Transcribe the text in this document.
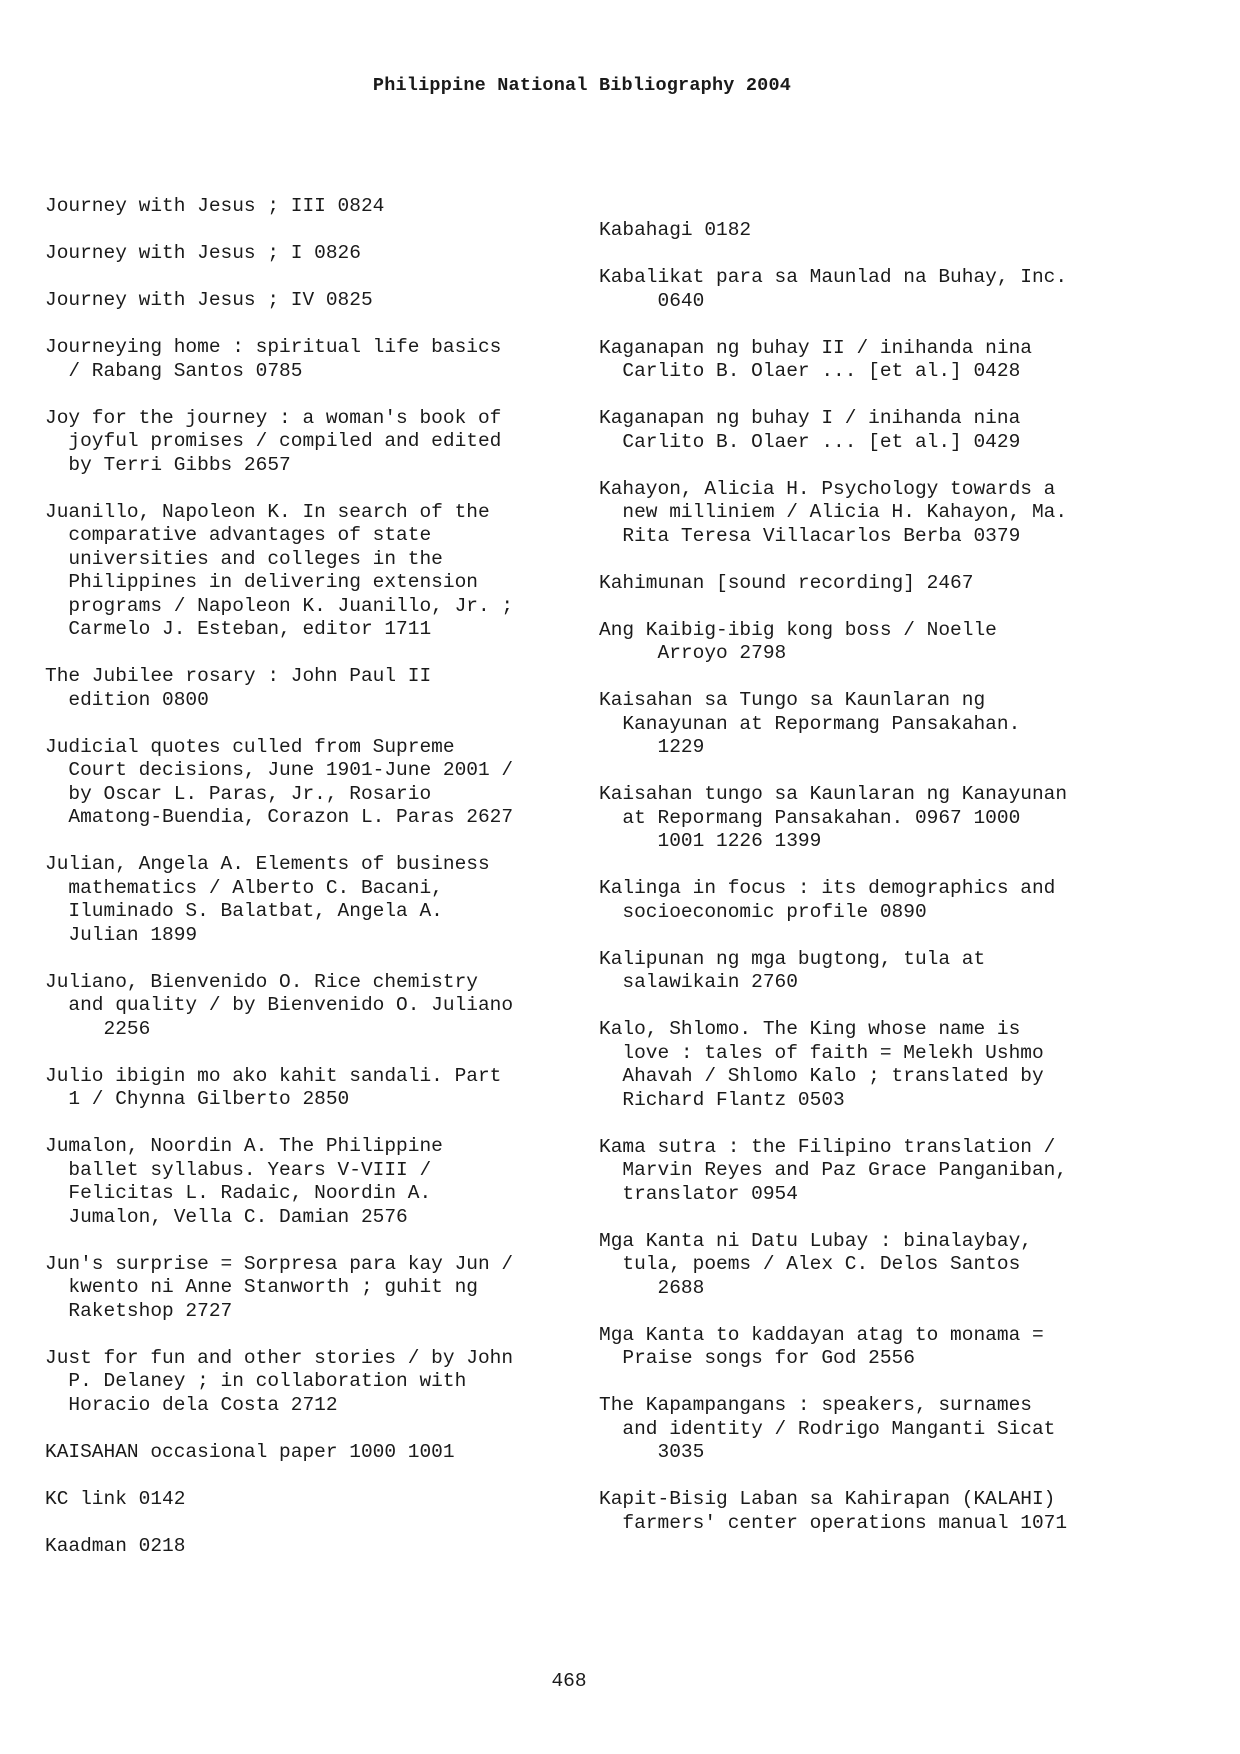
Philippine National Bibliography 2004
Journey with Jesus ; III 0824
Journey with Jesus ; I 0826
Journey with Jesus ; IV 0825
Journeying home : spiritual life basics
/ Rabang Santos 0785
Joy for the journey : a woman's book of
joyful promises / compiled and edited
by Terri Gibbs 2657
Juanillo, Napoleon K. In search of the
comparative advantages of state
universities and colleges in the
Philippines in delivering extension
programs / Napoleon K. Juanillo, Jr. ;
Carmelo J. Esteban, editor 1711
The Jubilee rosary : John Paul II
edition 0800
Judicial quotes culled from Supreme
Court decisions, June 1901-June 2001 /
by Oscar L. Paras, Jr., Rosario
Amatong-Buendia, Corazon L. Paras 2627
Julian, Angela A. Elements of business
mathematics / Alberto C. Bacani,
Iluminado S. Balatbat, Angela A.
Julian 1899
Juliano, Bienvenido O. Rice chemistry
and quality / by Bienvenido O. Juliano
2256
Julio ibigin mo ako kahit sandali. Part
1 / Chynna Gilberto 2850
Jumalon, Noordin A. The Philippine
ballet syllabus. Years V-VIII /
Felicitas L. Radaic, Noordin A.
Jumalon, Vella C. Damian 2576
Jun's surprise = Sorpresa para kay Jun /
kwento ni Anne Stanworth ; guhit ng
Raketshop 2727
Just for fun and other stories / by John
P. Delaney ; in collaboration with
Horacio dela Costa 2712
KAISAHAN occasional paper 1000 1001
KC link 0142
Kaadman 0218
Kabahagi 0182
Kabalikat para sa Maunlad na Buhay, Inc.
0640
Kaganapan ng buhay II / inihanda nina
Carlito B. Olaer ... [et al.] 0428
Kaganapan ng buhay I / inihanda nina
Carlito B. Olaer ... [et al.] 0429
Kahayon, Alicia H. Psychology towards a
new milliniem / Alicia H. Kahayon, Ma.
Rita Teresa Villacarlos Berba 0379
Kahimunan [sound recording] 2467
Ang Kaibig-ibig kong boss / Noelle
Arroyo 2798
Kaisahan sa Tungo sa Kaunlaran ng
Kanayunan at Repormang Pansakahan.
1229
Kaisahan tungo sa Kaunlaran ng Kanayunan
at Repormang Pansakahan. 0967 1000
1001 1226 1399
Kalinga in focus : its demographics and
socioeconomic profile 0890
Kalipunan ng mga bugtong, tula at
salawikain 2760
Kalo, Shlomo. The King whose name is
love : tales of faith = Melekh Ushmo
Ahavah / Shlomo Kalo ; translated by
Richard Flantz 0503
Kama sutra : the Filipino translation /
Marvin Reyes and Paz Grace Panganiban,
translator 0954
Mga Kanta ni Datu Lubay : binalaybay,
tula, poems / Alex C. Delos Santos
2688
Mga Kanta to kaddayan atag to monama =
Praise songs for God 2556
The Kapampangans : speakers, surnames
and identity / Rodrigo Manganti Sicat
3035
Kapit-Bisig Laban sa Kahirapan (KALAHI)
farmers' center operations manual 1071
468
